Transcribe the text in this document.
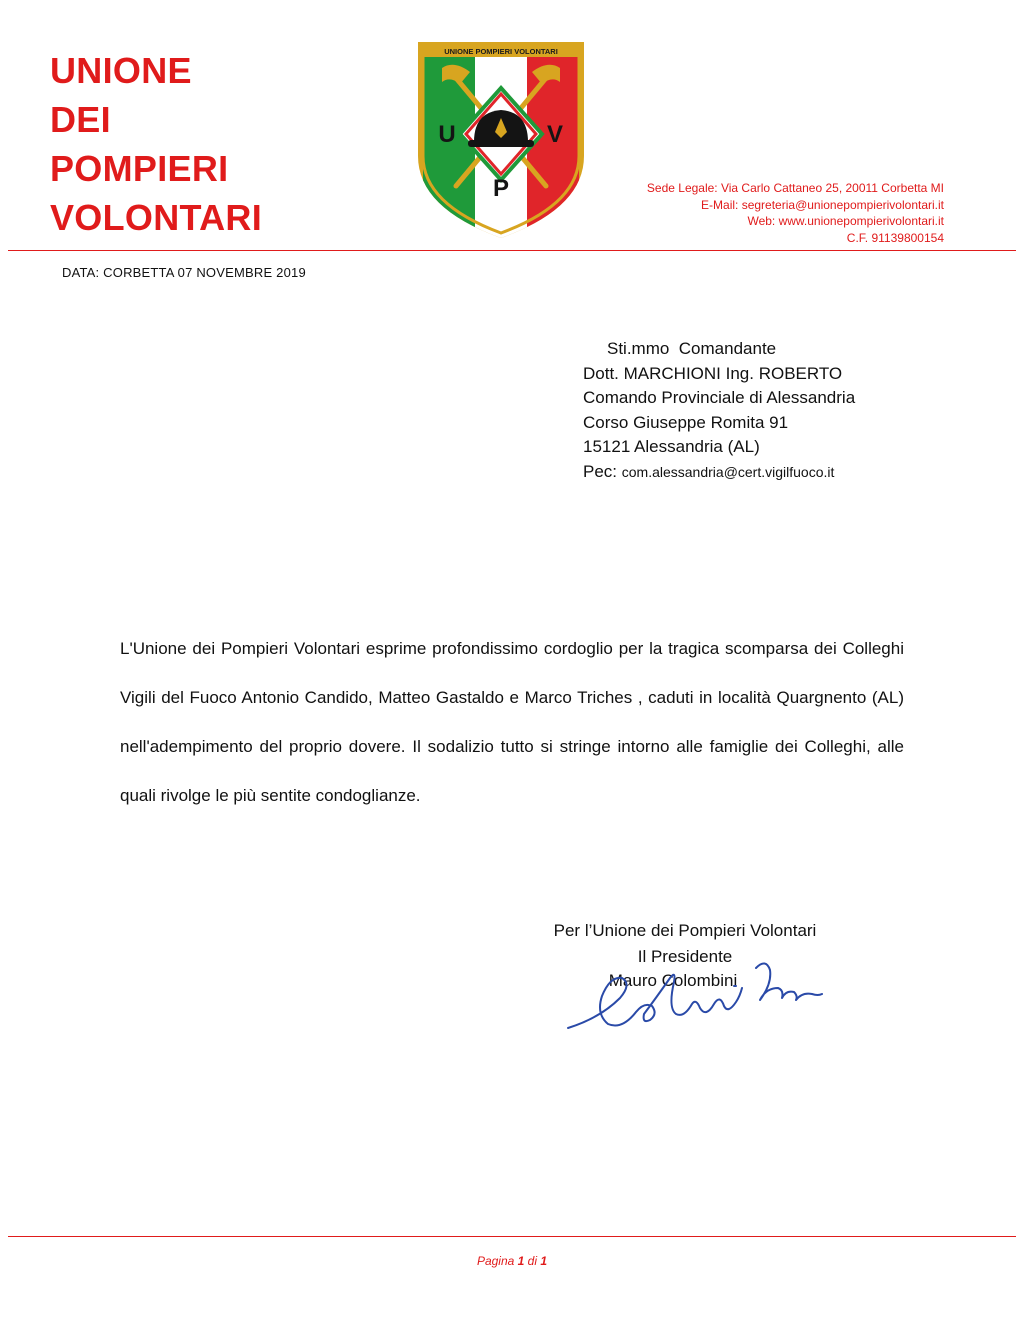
UNIONE
DEI
POMPIERI
VOLONTARI
UNIONE POMPIERI VOLONTARI
U	V
P	Sede Legale: Via Carlo Cattaneo 25, 20011 Corbetta MI
E-Mail: segreteria@unionepompierivolontari.it
Web: www.unionepompierivolontari.it
C.F. 91139800154
DATA: CORBETTA 07 NOVEMBRE 2019
Sti.mmo  Comandante
Dott. MARCHIONI Ing. ROBERTO
Comando Provinciale di Alessandria
Corso Giuseppe Romita 91
15121 Alessandria (AL)
Pec: com.alessandria@cert.vigilfuoco.it

L'Unione dei Pompieri Volontari esprime profondissimo cordoglio per la tragica scomparsa dei Colleghi Vigili del Fuoco Antonio Candido, Matteo Gastaldo e Marco Triches , caduti in località Quargnento (AL) nell'adempimento del proprio dovere. Il sodalizio tutto si stringe intorno alle famiglie dei Colleghi, alle quali rivolge le più sentite condoglianze.

Per l’Unione dei Pompieri Volontari
Il Presidente
Mauro Colombini
Pagina 1 di 1
